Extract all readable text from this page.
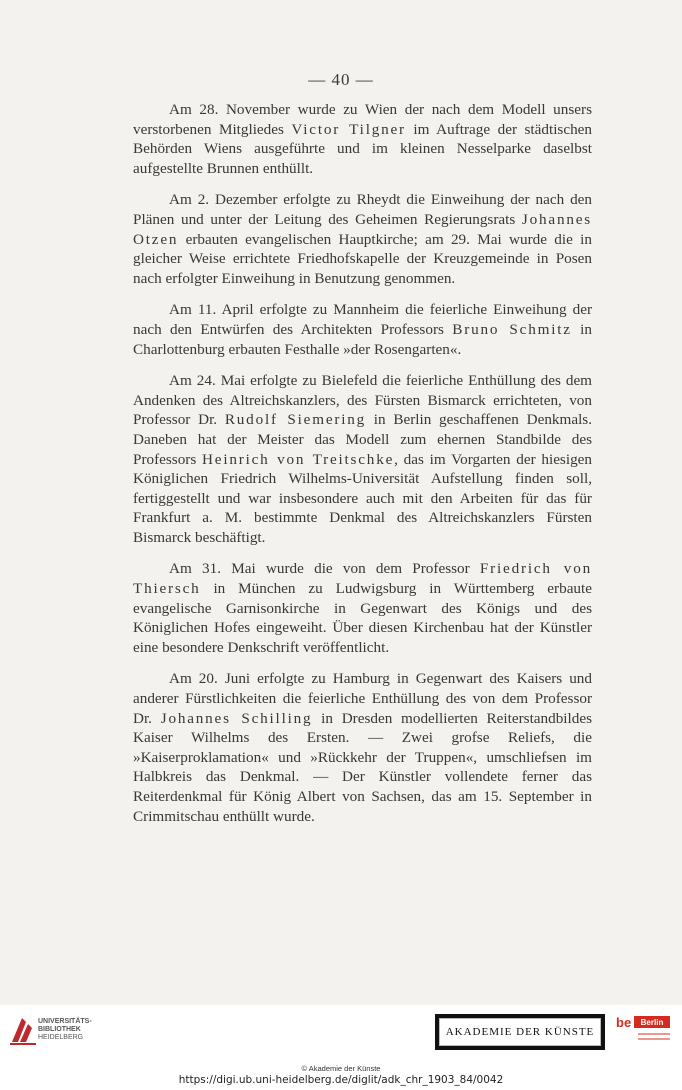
— 40 —

Am 28. November wurde zu Wien der nach dem Modell unsers verstorbenen Mitgliedes Victor Tilgner im Auftrage der städtischen Behörden Wiens ausgeführte und im kleinen Nesselparke daselbst aufgestellte Brunnen enthüllt.

Am 2. Dezember erfolgte zu Rheydt die Einweihung der nach den Plänen und unter der Leitung des Geheimen Regierungsrats Johannes Otzen erbauten evangelischen Hauptkirche; am 29. Mai wurde die in gleicher Weise errichtete Friedhofskapelle der Kreuzgemeinde in Posen nach erfolgter Einweihung in Benutzung genommen.

Am 11. April erfolgte zu Mannheim die feierliche Einweihung der nach den Entwürfen des Architekten Professors Bruno Schmitz in Charlottenburg erbauten Festhalle »der Rosengarten«.

Am 24. Mai erfolgte zu Bielefeld die feierliche Enthüllung des dem Andenken des Altreichskanzlers, des Fürsten Bismarck errichteten, von Professor Dr. Rudolf Siemering in Berlin geschaffenen Denkmals. Daneben hat der Meister das Modell zum ehernen Standbilde des Professors Heinrich von Treitschke, das im Vorgarten der hiesigen Königlichen Friedrich Wilhelms-Universität Aufstellung finden soll, fertiggestellt und war insbesondere auch mit den Arbeiten für das für Frankfurt a. M. bestimmte Denkmal des Altreichskanzlers Fürsten Bismarck beschäftigt.

Am 31. Mai wurde die von dem Professor Friedrich von Thiersch in München zu Ludwigsburg in Württemberg erbaute evangelische Garnisonkirche in Gegenwart des Königs und des Königlichen Hofes eingeweiht. Über diesen Kirchenbau hat der Künstler eine besondere Denkschrift veröffentlicht.

Am 20. Juni erfolgte zu Hamburg in Gegenwart des Kaisers und anderer Fürstlichkeiten die feierliche Enthüllung des von dem Professor Dr. Johannes Schilling in Dresden modellierten Reiterstandbildes Kaiser Wilhelms des Ersten. — Zwei grofse Reliefs, die »Kaiserproklamation« und »Rückkehr der Truppen«, umschliefsen im Halbkreis das Denkmal. — Der Künstler vollendete ferner das Reiterdenkmal für König Albert von Sachsen, das am 15. September in Crimmitschau enthüllt wurde.

UNIVERSITÄTS-
BIBLIOTHEK
HEIDELBERG	AKADEMIE DER KÜNSTE
be Berlin
© Akademie der Künste
https://digi.ub.uni-heidelberg.de/diglit/adk_chr_1903_84/0042
